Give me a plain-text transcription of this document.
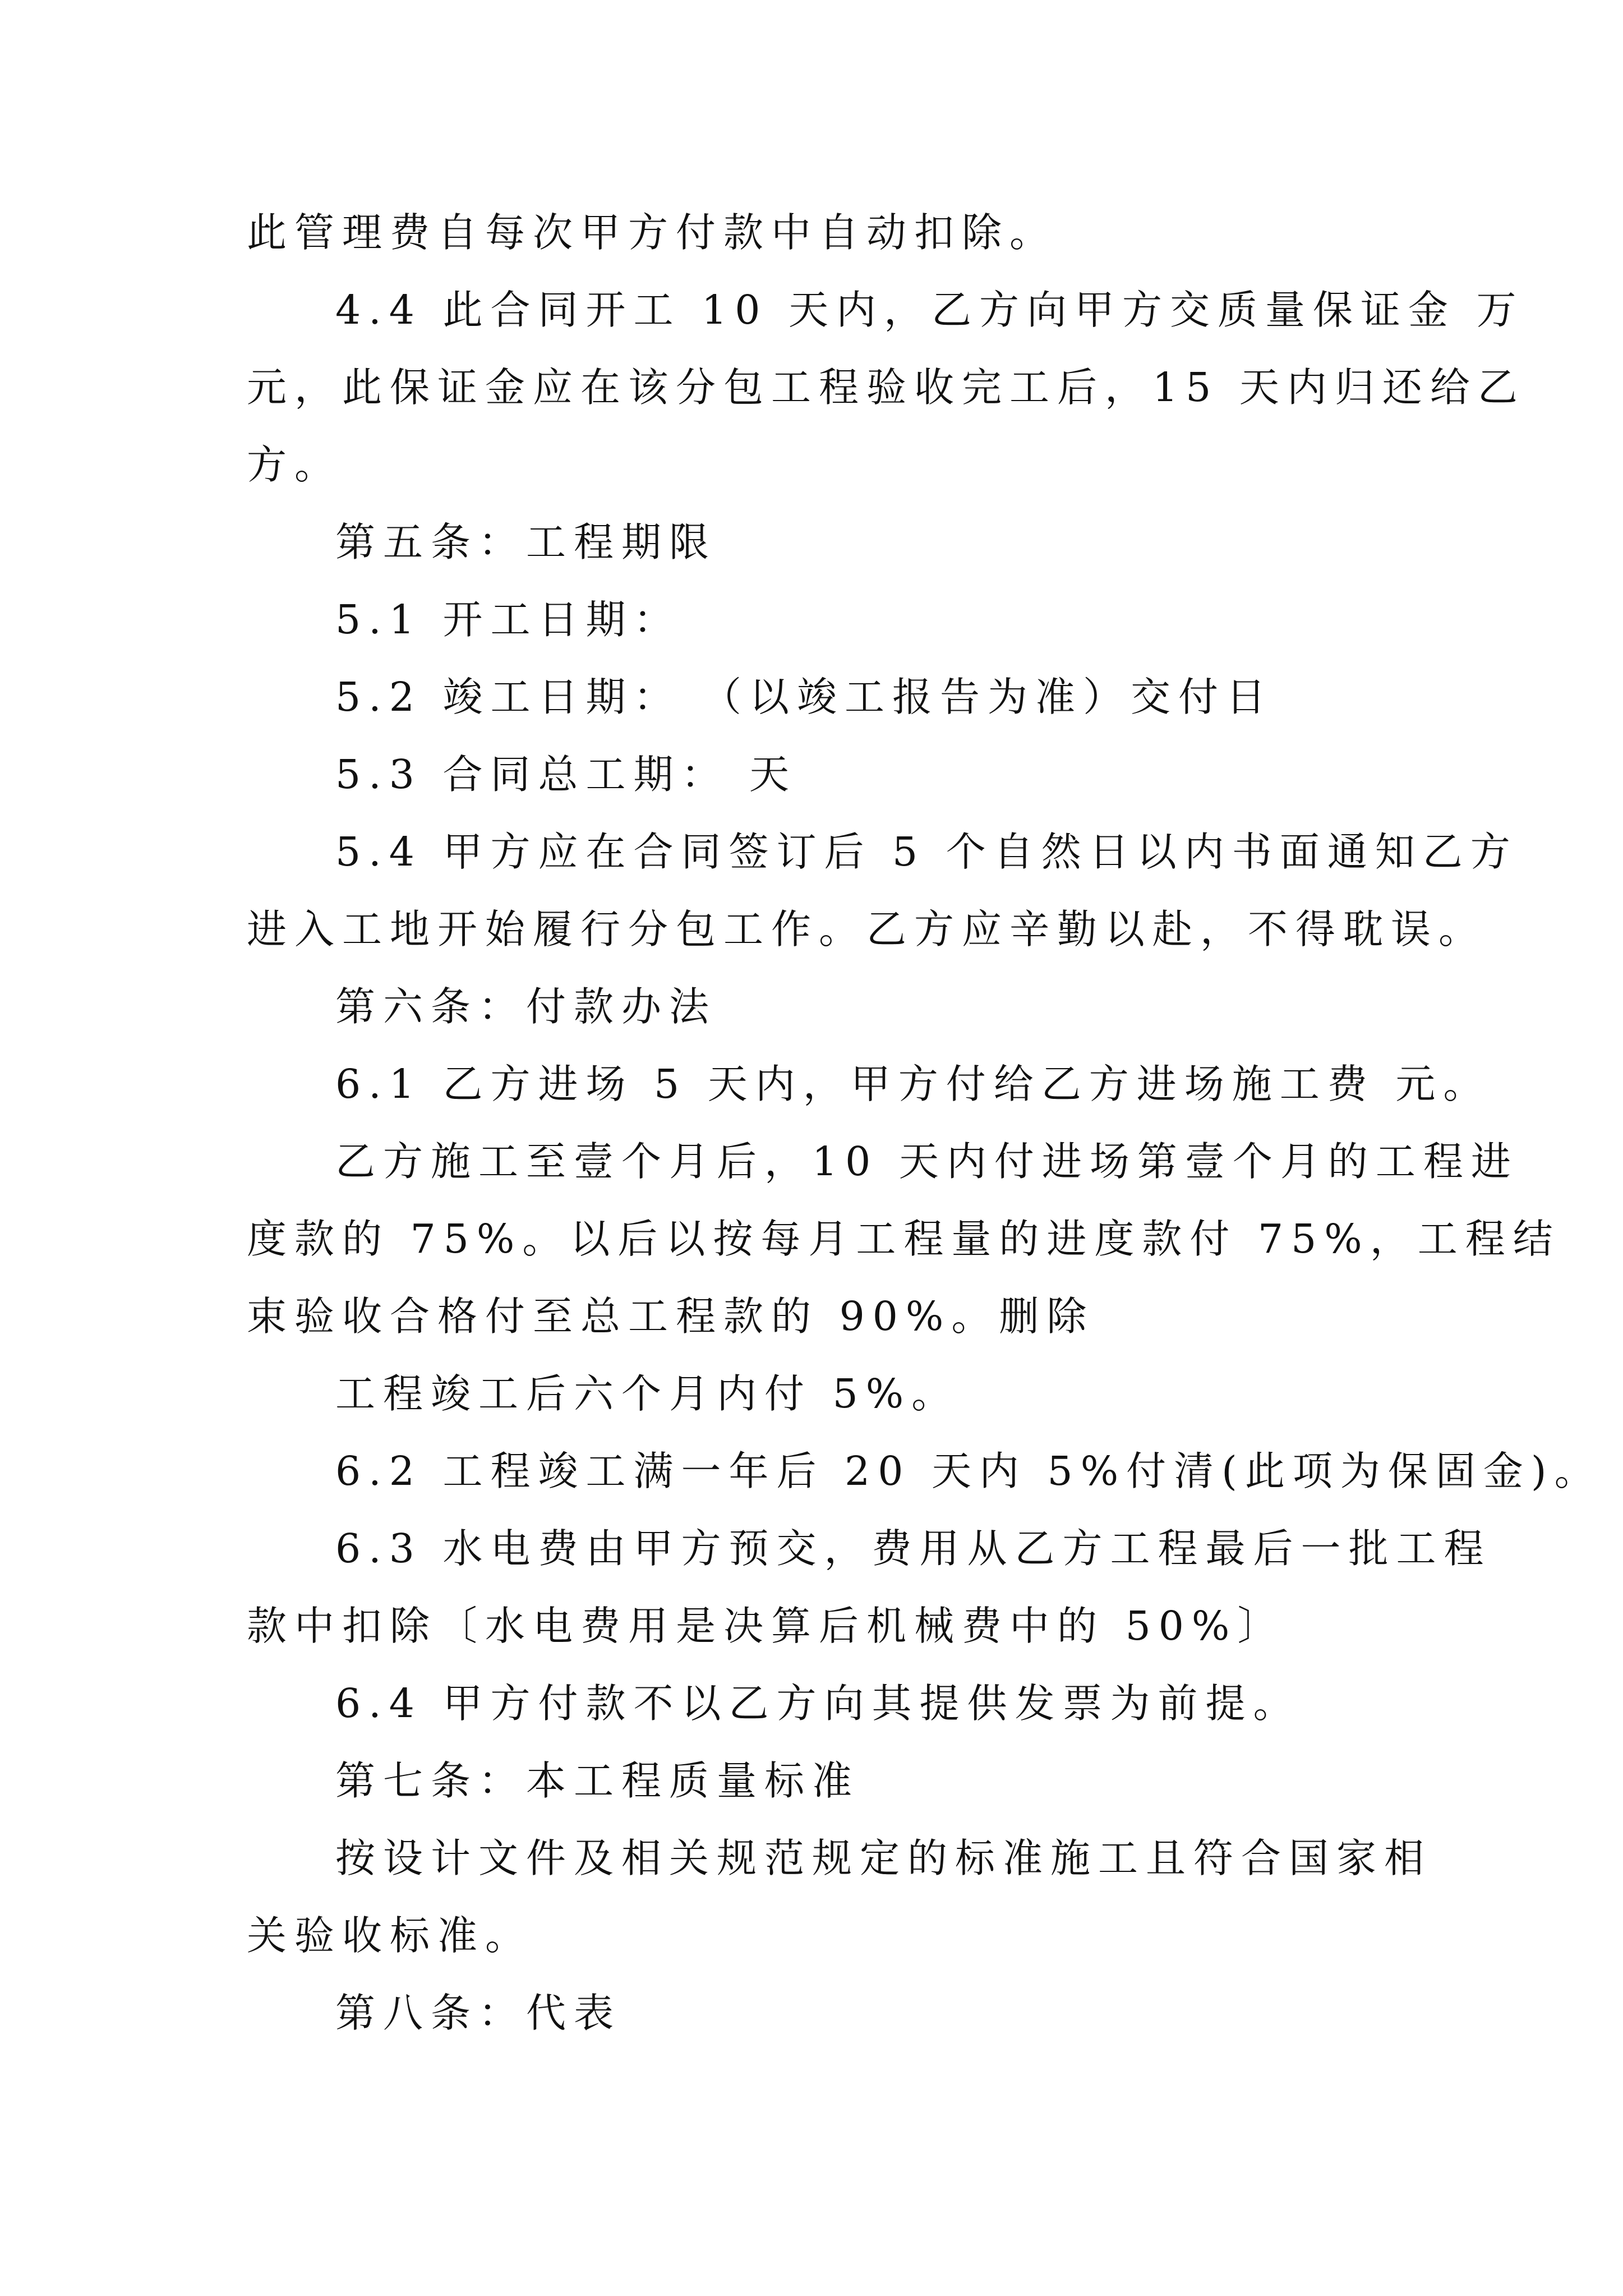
此管理费自每次甲方付款中自动扣除。
4.4 此合同开工 10 天内，乙方向甲方交质量保证金 万
元，此保证金应在该分包工程验收完工后，15 天内归还给乙
方。
第五条：工程期限
5.1 开工日期：
5.2 竣工日期： （以竣工报告为准）交付日
5.3 合同总工期： 天
5.4 甲方应在合同签订后 5 个自然日以内书面通知乙方
进入工地开始履行分包工作。乙方应辛勤以赴，不得耽误。
第六条：付款办法
6.1 乙方进场 5 天内，甲方付给乙方进场施工费 元。
乙方施工至壹个月后，10 天内付进场第壹个月的工程进
度款的 75%。以后以按每月工程量的进度款付 75%，工程结
束验收合格付至总工程款的 90%。删除
工程竣工后六个月内付 5%。
6.2 工程竣工满一年后 20 天内 5%付清(此项为保固金)。
6.3 水电费由甲方预交，费用从乙方工程最后一批工程
款中扣除〔水电费用是决算后机械费中的 50%〕
6.4 甲方付款不以乙方向其提供发票为前提。
第七条：本工程质量标准
按设计文件及相关规范规定的标准施工且符合国家相
关验收标准。
第八条：代表
